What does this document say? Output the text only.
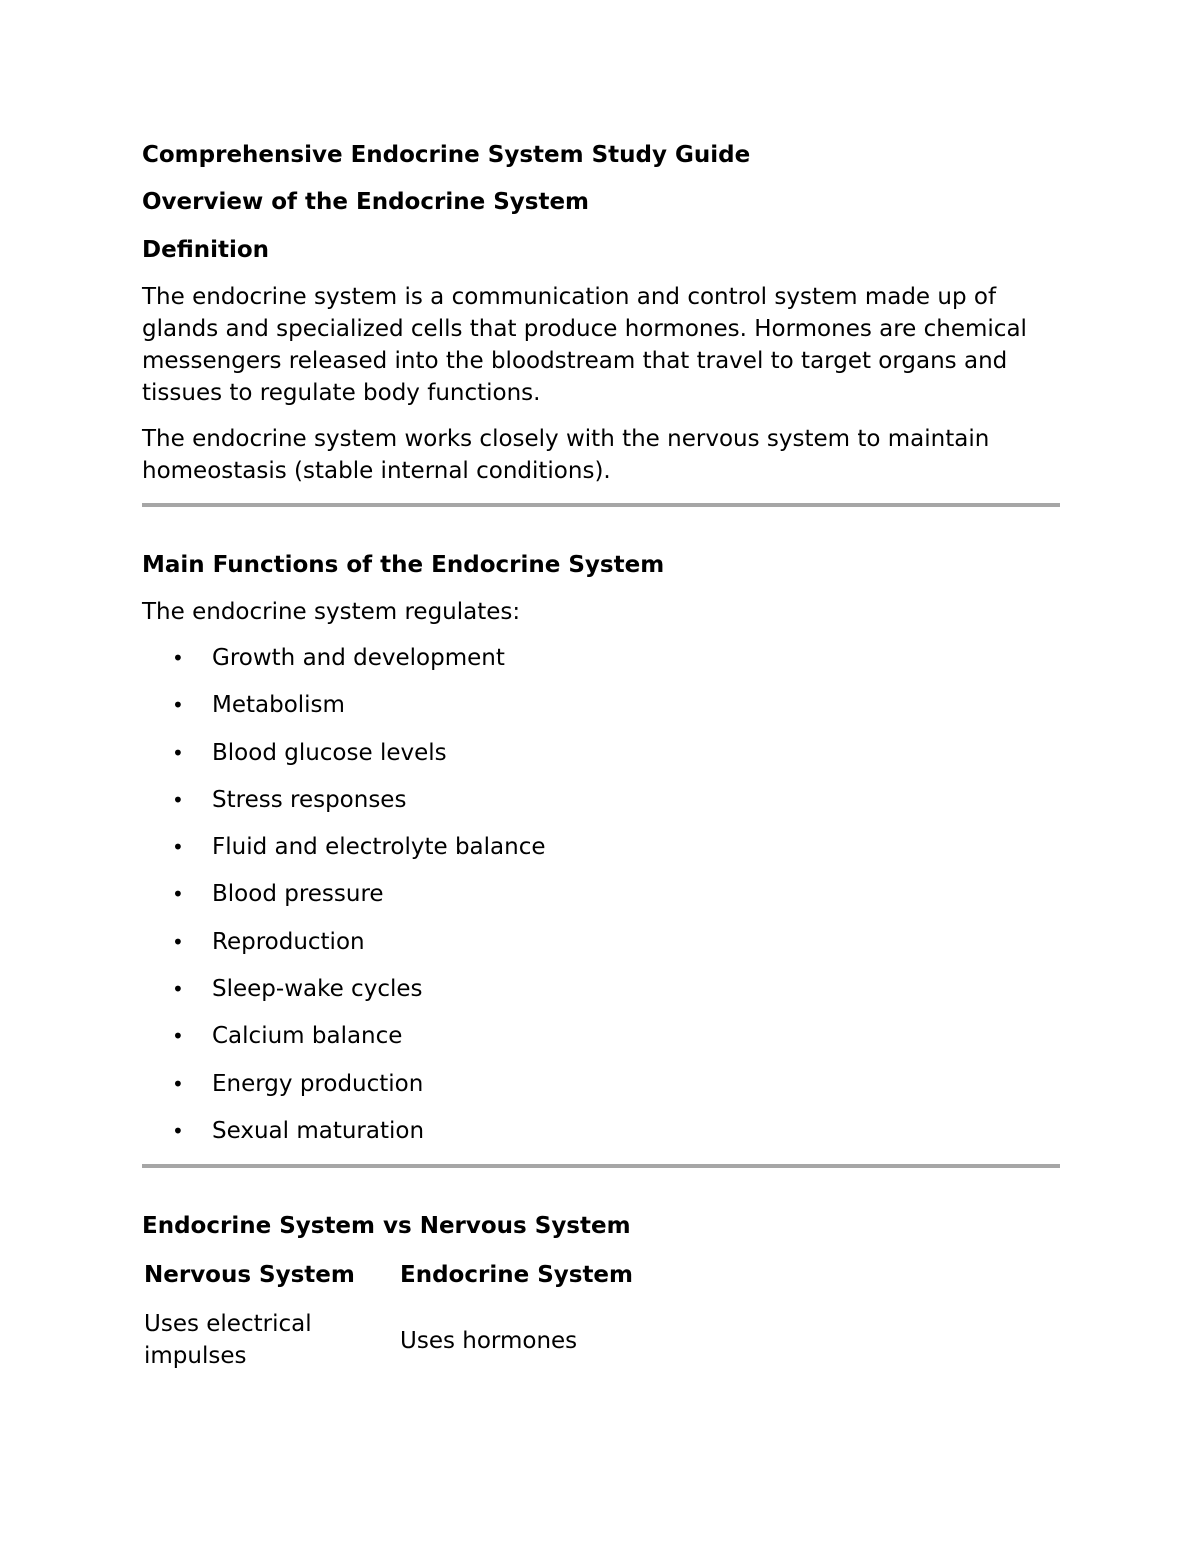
Comprehensive Endocrine System Study Guide

Overview of the Endocrine System

Definition

The endocrine system is a communication and control system made up of
glands and specialized cells that produce hormones. Hormones are chemical
messengers released into the bloodstream that travel to target organs and
tissues to regulate body functions.
The endocrine system works closely with the nervous system to maintain
homeostasis (stable internal conditions).

Main Functions of the Endocrine System

The endocrine system regulates:

• Growth and development
• Metabolism
• Blood glucose levels
• Stress responses
• Fluid and electrolyte balance
• Blood pressure
• Reproduction
• Sleep-wake cycles
• Calcium balance
• Energy production
• Sexual maturation

Endocrine System vs Nervous System

Nervous System Endocrine System

Uses electrical
impulses

Uses hormones
